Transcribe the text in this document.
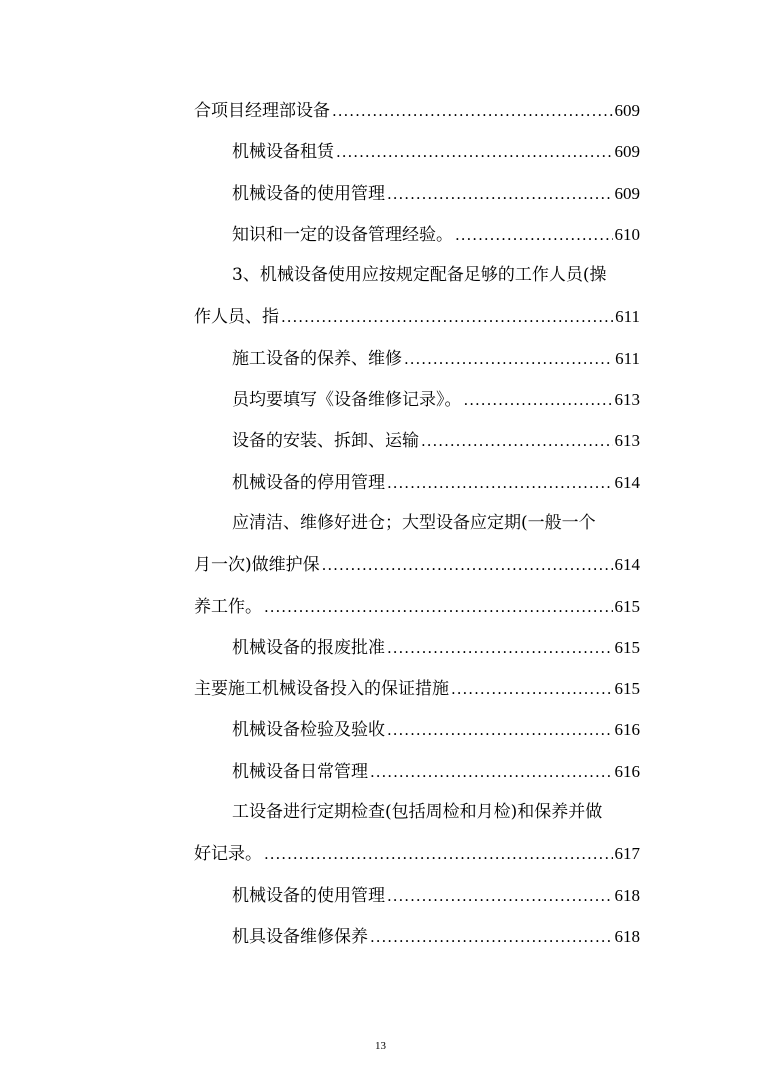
合项目经理部设备 .....	609
机械设备租赁 .....	609
机械设备的使用管理 .....	609
知识和一定的设备管理经验。 .....	610
3、机械设备使用应按规定配备足够的工作人员(操
作人员、指 .....	611
施工设备的保养、维修 .....	611
员均要填写《设备维修记录》。 .....	613
设备的安装、拆卸、运输 .....	613
机械设备的停用管理 .....	614
应清洁、维修好进仓；大型设备应定期(一般一个
月一次)做维护保 .....	614
养工作。 .....	615
机械设备的报废批准 .....	615
主要施工机械设备投入的保证措施 .....	615
机械设备检验及验收 .....	616
机械设备日常管理 .....	616
工设备进行定期检查(包括周检和月检)和保养并做
好记录。 .....	617
机械设备的使用管理 .....	618
机具设备维修保养 .....	618
13
